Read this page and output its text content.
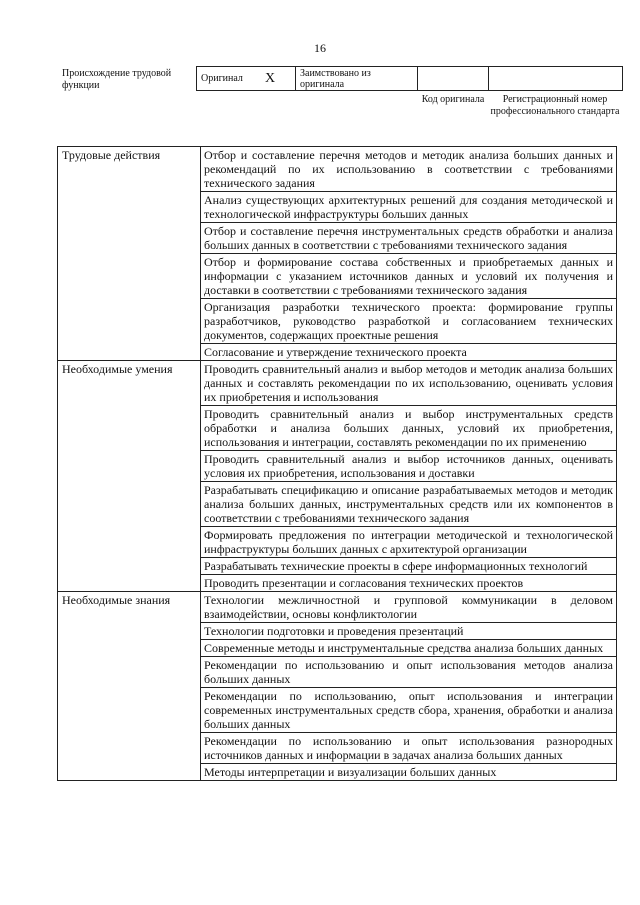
16
Происхождение трудовой функции
Оригинал X	Заимствовано из оригинала		
Код оригинала	Регистрационный номер профессионального стандарта
Трудовые действия	Отбор и составление перечня методов и методик анализа больших данных и рекомендаций по их использованию в соответствии с требованиями технического задания
	Анализ существующих архитектурных решений для создания методической и технологической инфраструктуры больших данных
	Отбор и составление перечня инструментальных средств обработки и анализа больших данных в соответствии с требованиями технического задания
	Отбор и формирование состава собственных и приобретаемых данных и информации с указанием источников данных и условий их получения и доставки в соответствии с требованиями технического задания
	Организация разработки технического проекта: формирование группы разработчиков, руководство разработкой и согласованием технических документов, содержащих проектные решения
	Согласование и утверждение технического проекта
Необходимые умения	Проводить сравнительный анализ и выбор методов и методик анализа больших данных и составлять рекомендации по их использованию, оценивать условия их приобретения и использования
	Проводить сравнительный анализ и выбор инструментальных средств обработки и анализа больших данных, условий их приобретения, использования и интеграции, составлять рекомендации по их применению
	Проводить сравнительный анализ и выбор источников данных, оценивать условия их приобретения, использования и доставки
	Разрабатывать спецификацию и описание разрабатываемых методов и методик анализа больших данных, инструментальных средств или их компонентов в соответствии с требованиями технического задания
	Формировать предложения по интеграции методической и технологической инфраструктуры больших данных с архитектурой организации
	Разрабатывать технические проекты в сфере информационных технологий
	Проводить презентации и согласования технических проектов
Необходимые знания	Технологии межличностной и групповой коммуникации в деловом взаимодействии, основы конфликтологии
	Технологии подготовки и проведения презентаций
	Современные методы и инструментальные средства анализа больших данных
	Рекомендации по использованию и опыт использования методов анализа больших данных
	Рекомендации по использованию, опыт использования и интеграции современных инструментальных средств сбора, хранения, обработки и анализа больших данных
	Рекомендации по использованию и опыт использования разнородных источников данных и информации в задачах анализа больших данных
	Методы интерпретации и визуализации больших данных
